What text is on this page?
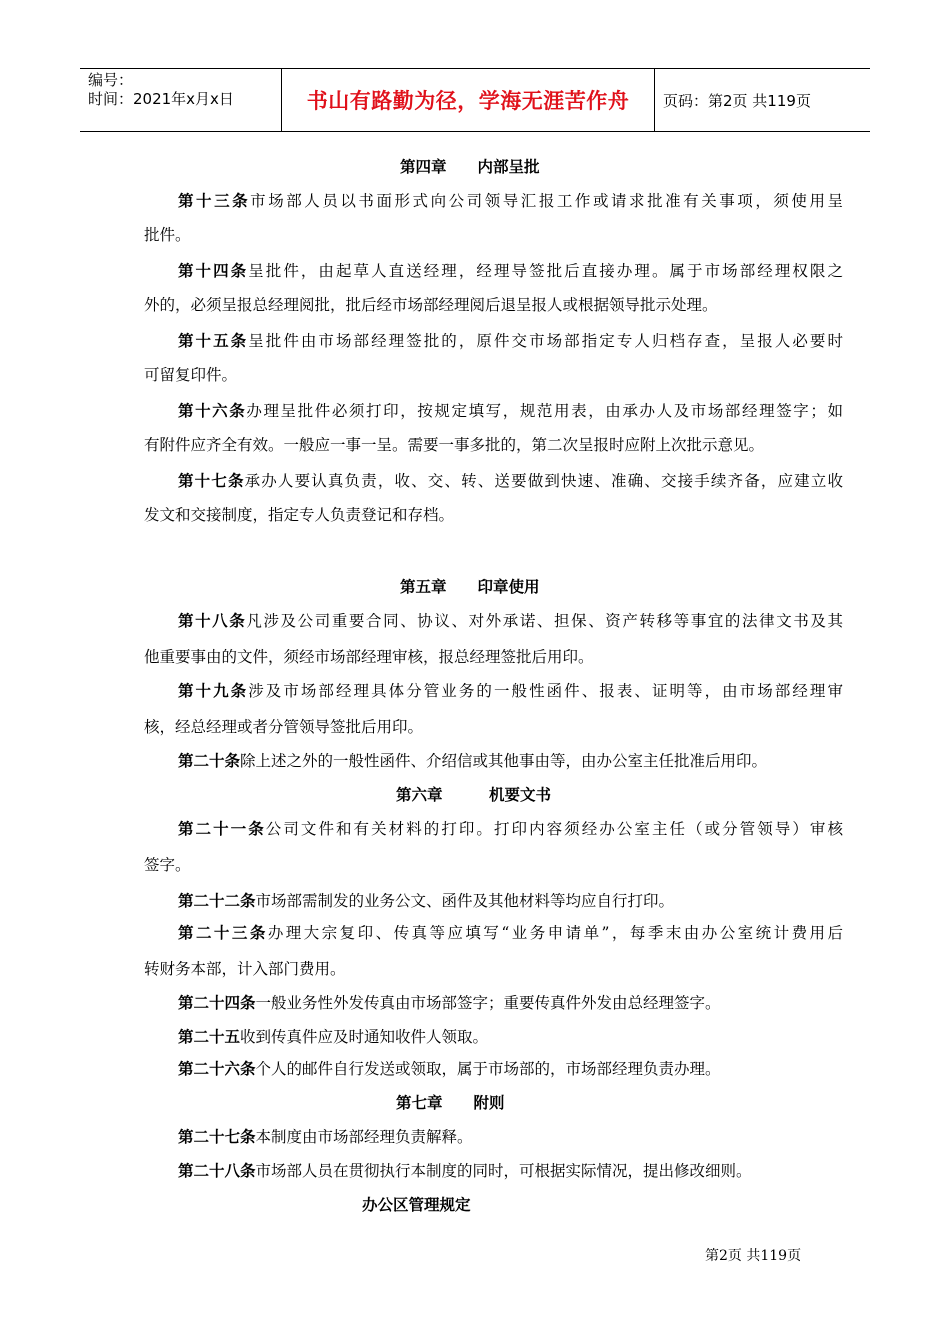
编号：
时间：2021年x月x日	书山有路勤为径，学海无涯苦作舟 页码：第2页 共119页
第四章　　内部呈批
第十三条市场部人员以书面形式向公司领导汇报工作或请求批准有关事项，须使用呈
批件。
第十四条呈批件，由起草人直送经理，经理导签批后直接办理。属于市场部经理权限之
外的，必须呈报总经理阅批，批后经市场部经理阅后退呈报人或根据领导批示处理。
第十五条呈批件由市场部经理签批的，原件交市场部指定专人归档存查，呈报人必要时
可留复印件。
第十六条办理呈批件必须打印，按规定填写，规范用表，由承办人及市场部经理签字；如
有附件应齐全有效。一般应一事一呈。需要一事多批的，第二次呈报时应附上次批示意见。
第十七条承办人要认真负责，收、交、转、送要做到快速、准确、交接手续齐备，应建立收
发文和交接制度，指定专人负责登记和存档。
第五章　　印章使用
第十八条凡涉及公司重要合同、协议、对外承诺、担保、资产转移等事宜的法律文书及其
他重要事由的文件，须经市场部经理审核，报总经理签批后用印。
第十九条涉及市场部经理具体分管业务的一般性函件、报表、证明等，由市场部经理审
核，经总经理或者分管领导签批后用印。
第二十条除上述之外的一般性函件、介绍信或其他事由等，由办公室主任批准后用印。
第六章　　　机要文书
第二十一条公司文件和有关材料的打印。打印内容须经办公室主任（或分管领导）审核
签字。
第二十二条市场部需制发的业务公文、函件及其他材料等均应自行打印。
第二十三条办理大宗复印、传真等应填写“业务申请单”，每季末由办公室统计费用后
转财务本部，计入部门费用。
第二十四条一般业务性外发传真由市场部签字；重要传真件外发由总经理签字。
第二十五收到传真件应及时通知收件人领取。
第二十六条个人的邮件自行发送或领取，属于市场部的，市场部经理负责办理。
第七章　　附则
第二十七条本制度由市场部经理负责解释。
第二十八条市场部人员在贯彻执行本制度的同时，可根据实际情况，提出修改细则。
办公区管理规定
第2页 共119页
